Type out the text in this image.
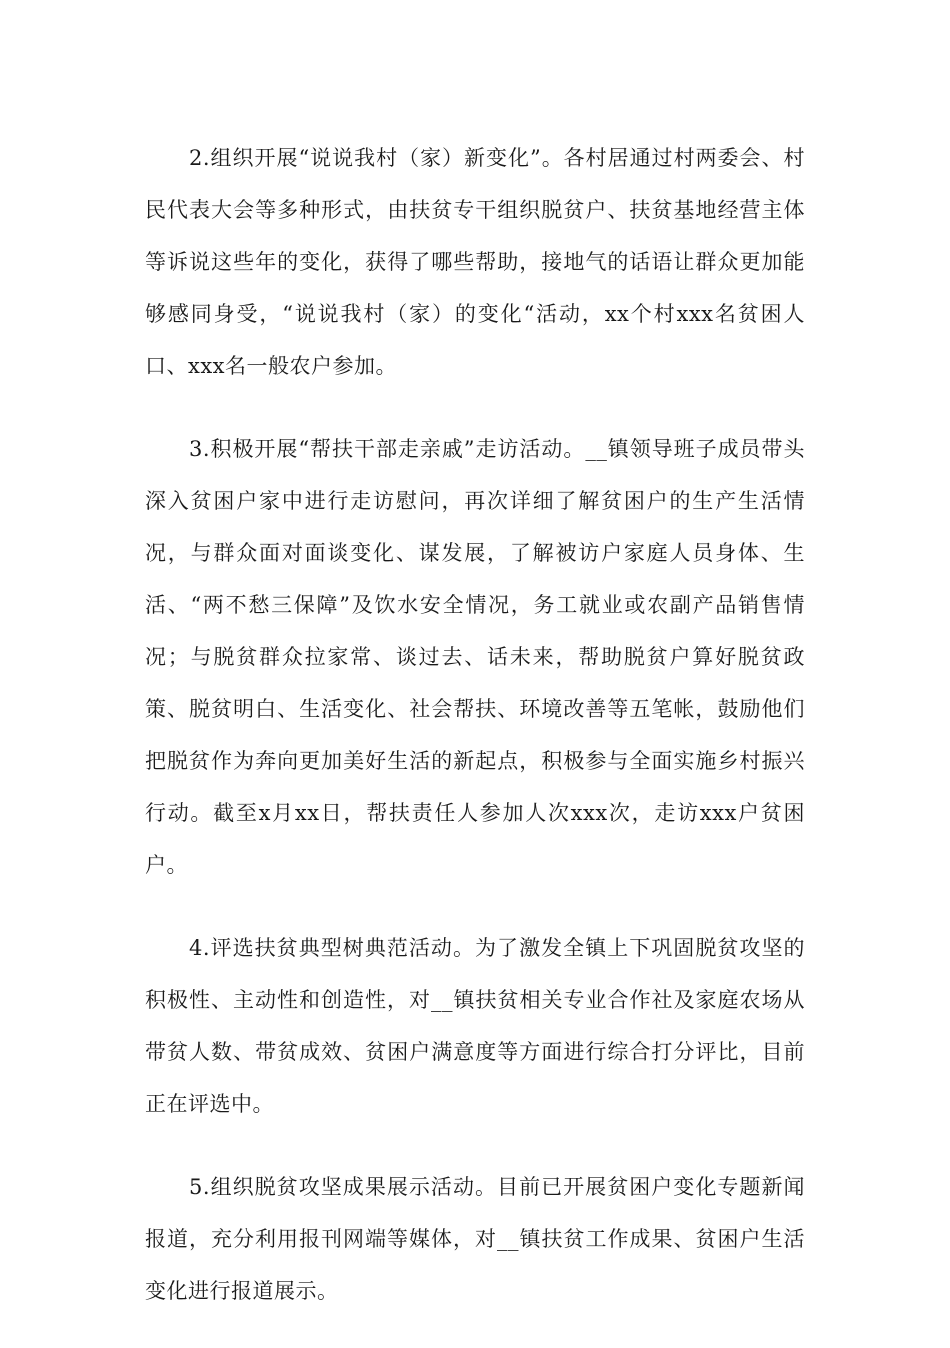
2.组织开展“说说我村（家）新变化”。各村居通过村两委会、村民代表大会等多种形式，由扶贫专干组织脱贫户、扶贫基地经营主体等诉说这些年的变化，获得了哪些帮助，接地气的话语让群众更加能够感同身受，“说说我村（家）的变化“活动，xx个村xxx名贫困人口、xxx名一般农户参加。

3.积极开展“帮扶干部走亲戚”走访活动。__镇领导班子成员带头深入贫困户家中进行走访慰问，再次详细了解贫困户的生产生活情况，与群众面对面谈变化、谋发展，了解被访户家庭人员身体、生活、“两不愁三保障”及饮水安全情况，务工就业或农副产品销售情况；与脱贫群众拉家常、谈过去、话未来，帮助脱贫户算好脱贫政策、脱贫明白、生活变化、社会帮扶、环境改善等五笔帐，鼓励他们把脱贫作为奔向更加美好生活的新起点，积极参与全面实施乡村振兴行动。截至x月xx日，帮扶责任人参加人次xxx次，走访xxx户贫困户。

4.评选扶贫典型树典范活动。为了激发全镇上下巩固脱贫攻坚的积极性、主动性和创造性，对__镇扶贫相关专业合作社及家庭农场从带贫人数、带贫成效、贫困户满意度等方面进行综合打分评比，目前正在评选中。

5.组织脱贫攻坚成果展示活动。目前已开展贫困户变化专题新闻报道，充分利用报刊网端等媒体，对__镇扶贫工作成果、贫困户生活变化进行报道展示。
